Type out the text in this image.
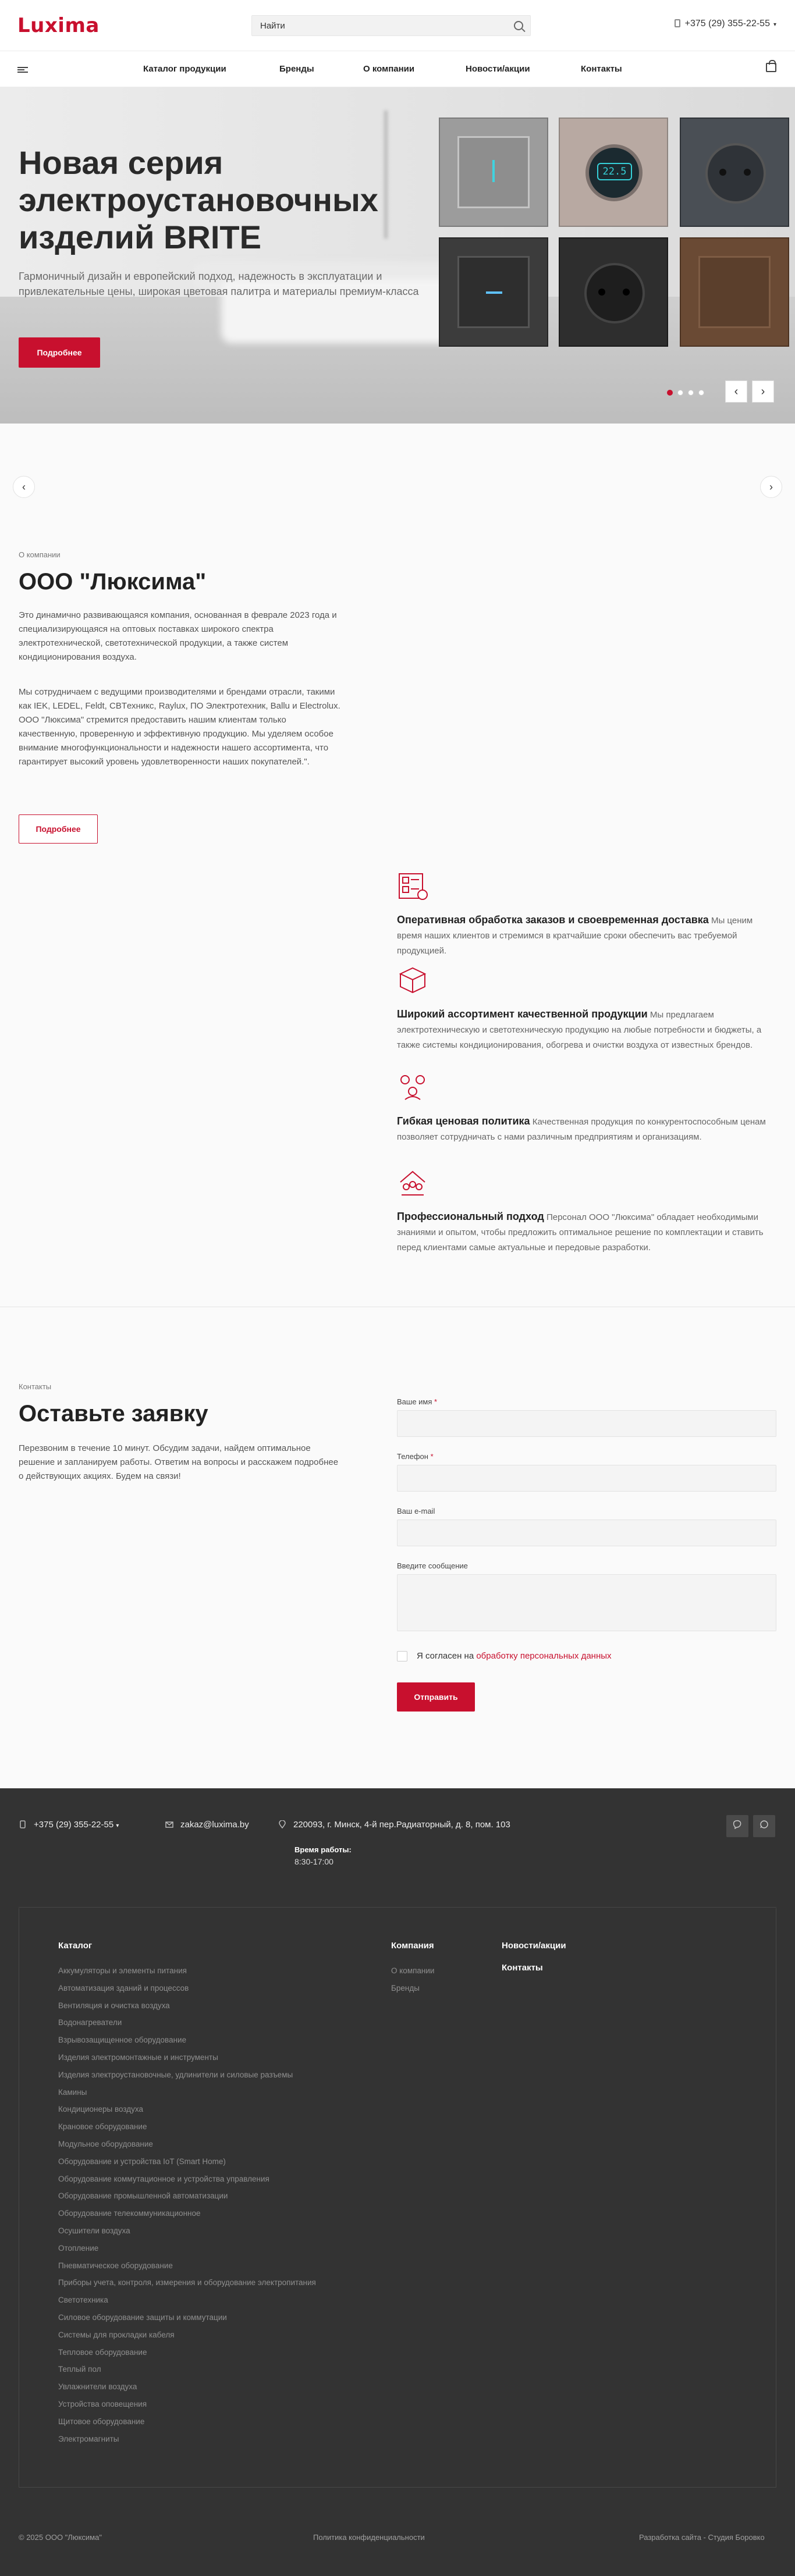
Luxima
Найти	+375 (29) 355-22-55 ▾
Каталог продукции	Бренды	О компании	Новости/акции	Контакты
Новая серия электроустановочных изделий BRITE

Гармоничный дизайн и европейский подход, надежность в эксплуатации и привлекательные цены, широкая цветовая палитра и материалы премиум-класса

Подробнее
22.5
‹	›
‹	›
О компании
ООО "Люксима"

Это динамично развивающаяся компания, основанная в феврале 2023 года и специализирующаяся на оптовых поставках широкого спектра электротехнической, светотехнической продукции, а также систем кондиционирования воздуха.

Мы сотрудничаем с ведущими производителями и брендами отрасли, такими как IEK, LEDEL, Feldt, CBTехникс, Raylux, ПО Электротехник, Ballu и Electrolux. ООО "Люксима" стремится предоставить нашим клиентам только качественную, проверенную и эффективную продукцию. Мы уделяем особое внимание многофункциональности и надежности нашего ассортимента, что гарантирует высокий уровень удовлетворенности наших покупателей.".

Подробнее

Оперативная обработка заказов и своевременная доставка Мы ценим время наших клиентов и стремимся в кратчайшие сроки обеспечить вас требуемой продукцией.

Широкий ассортимент качественной продукции Мы предлагаем электротехническую и светотехническую продукцию на любые потребности и бюджеты, а также системы кондиционирования, обогрева и очистки воздуха от известных брендов.

Гибкая ценовая политика Качественная продукция по конкурентоспособным ценам позволяет сотрудничать с нами различным предприятиям и организациям.

Профессиональный подход Персонал ООО "Люксима" обладает необходимыми знаниями и опытом, чтобы предложить оптимальное решение по комплектации и ставить перед клиентами самые актуальные и передовые разработки.

Контакты
Оставьте заявку

Перезвоним в течение 10 минут. Обсудим задачи, найдем оптимальное решение и запланируем работы. Ответим на вопросы и расскажем подробнее о действующих акциях. Будем на связи!

Ваше имя *
Телефон *
Ваш e-mail
Введите сообщение
Я согласен на обработку персональных данных
Отправить
+375 (29) 355-22-55 ▾	zakaz@luxima.by	220093, г. Минск, 4-й пер.Радиаторный, д. 8, пом. 103
Время работы:
8:30-17:00
Каталог
Аккумуляторы и элементы питания
Автоматизация зданий и процессов
Вентиляция и очистка воздуха
Водонагреватели
Взрывозащищенное оборудование
Изделия электромонтажные и инструменты
Изделия электроустановочные, удлинители и силовые разъемы
Камины
Кондиционеры воздуха
Крановое оборудование
Модульное оборудование
Оборудование и устройства IoT (Smart Home)
Оборудование коммутационное и устройства управления
Оборудование промышленной автоматизации
Оборудование телекоммуникационное
Осушители воздуха
Отопление
Пневматическое оборудование
Приборы учета, контроля, измерения и оборудование электропитания
Светотехника
Силовое оборудование защиты и коммутации
Системы для прокладки кабеля
Тепловое оборудование
Теплый пол
Увлажнители воздуха
Устройства оповещения
Щитовое оборудование
Электромагниты
Компания
О компании
Бренды
Новости/акции
Контакты
© 2025 ООО "Люксима"	Политика конфиденциальности	Разработка сайта - Студия Боровко
